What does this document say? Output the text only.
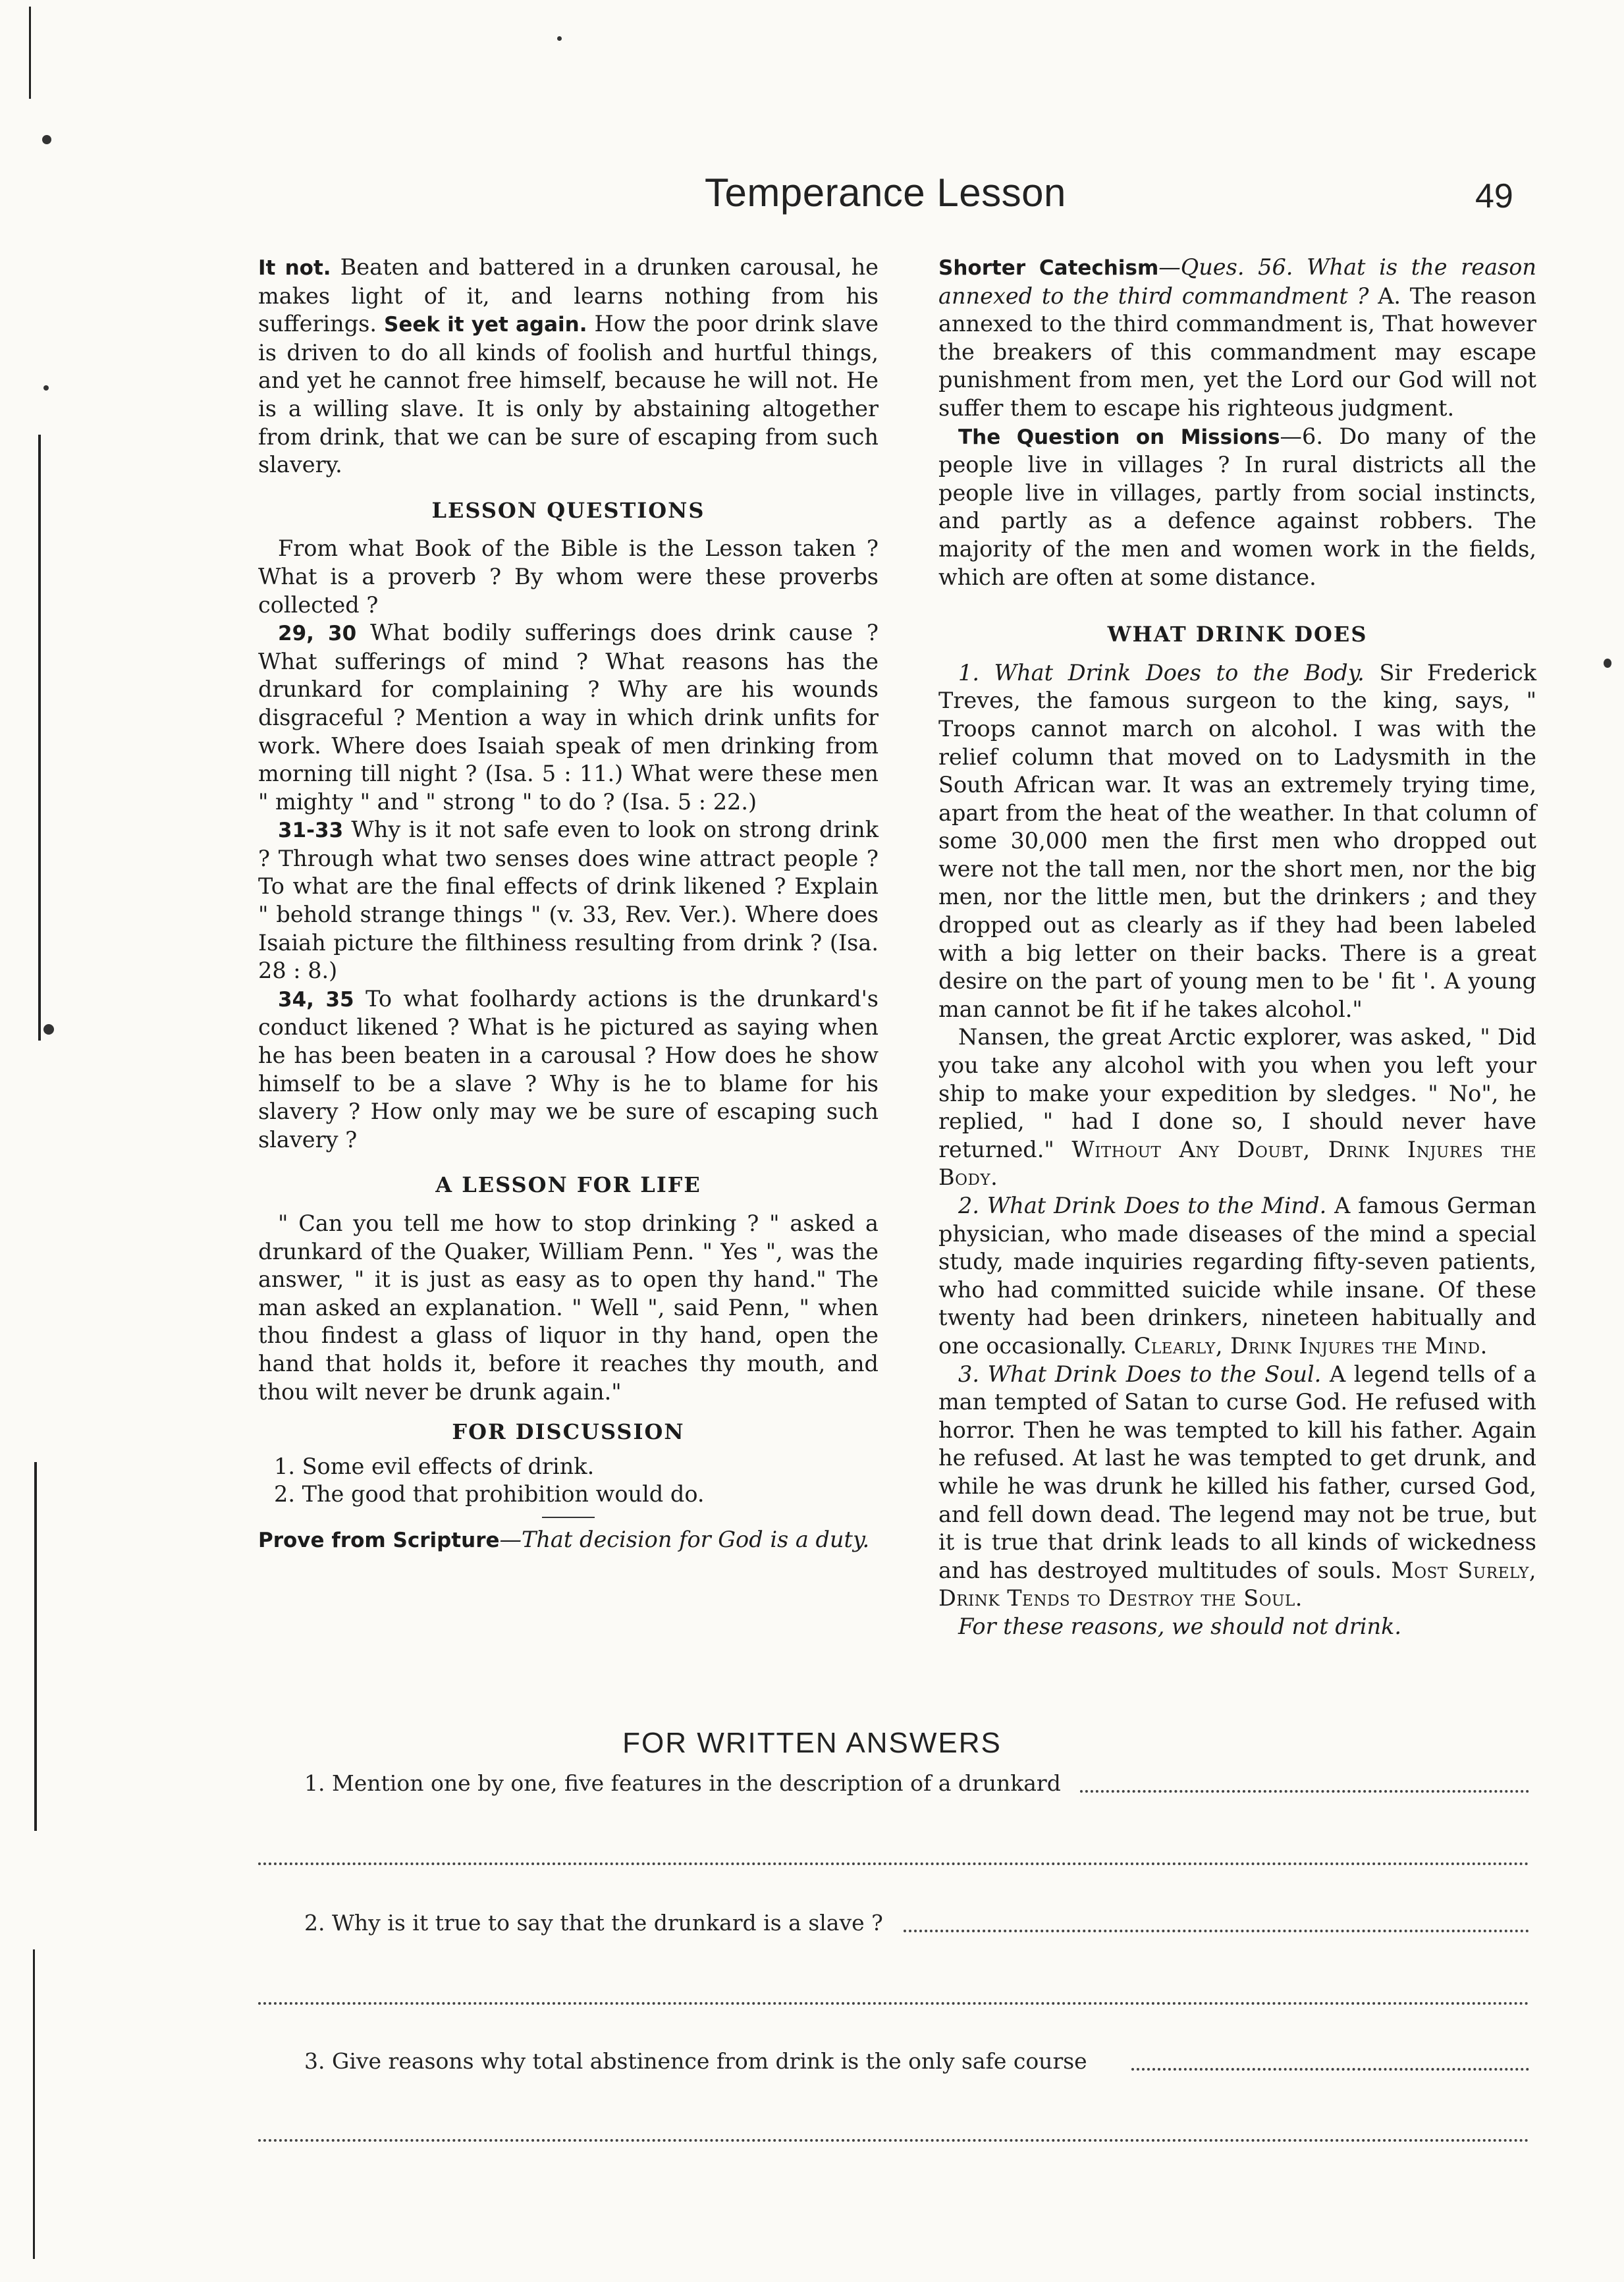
Temperance Lesson	49

It not. Beaten and battered in a drunken carousal, he makes light of it, and learns nothing from his sufferings. Seek it yet again. How the poor drink slave is driven to do all kinds of foolish and hurtful things, and yet he cannot free himself, because he will not. He is a willing slave. It is only by abstaining altogether from drink, that we can be sure of escaping from such slavery.

LESSON QUESTIONS

From what Book of the Bible is the Lesson taken ? What is a proverb ? By whom were these proverbs collected ?

29, 30 What bodily sufferings does drink cause ? What sufferings of mind ? What reasons has the drunkard for complaining ? Why are his wounds disgraceful ? Mention a way in which drink unfits for work. Where does Isaiah speak of men drinking from morning till night ? (Isa. 5 : 11.) What were these men " mighty " and " strong " to do ? (Isa. 5 : 22.)

31-33 Why is it not safe even to look on strong drink ? Through what two senses does wine attract people ? To what are the final effects of drink likened ? Explain " behold strange things " (v. 33, Rev. Ver.). Where does Isaiah picture the filthiness resulting from drink ? (Isa. 28 : 8.)

34, 35 To what foolhardy actions is the drunkard's conduct likened ? What is he pictured as saying when he has been beaten in a carousal ? How does he show himself to be a slave ? Why is he to blame for his slavery ? How only may we be sure of escaping such slavery ?

A LESSON FOR LIFE

" Can you tell me how to stop drinking ? " asked a drunkard of the Quaker, William Penn. " Yes ", was the answer, " it is just as easy as to open thy hand." The man asked an explanation. " Well ", said Penn, " when thou findest a glass of liquor in thy hand, open the hand that holds it, before it reaches thy mouth, and thou wilt never be drunk again."

FOR DISCUSSION

1. Some evil effects of drink.

2. The good that prohibition would do.

Prove from Scripture—That decision for God is a duty.

Shorter Catechism—Ques. 56. What is the reason annexed to the third commandment ? A. The reason annexed to the third commandment is, That however the breakers of this commandment may escape punishment from men, yet the Lord our God will not suffer them to escape his righteous judgment.

The Question on Missions—6. Do many of the people live in villages ? In rural districts all the people live in villages, partly from social instincts, and partly as a defence against robbers. The majority of the men and women work in the fields, which are often at some distance.

WHAT DRINK DOES

1. What Drink Does to the Body. Sir Frederick Treves, the famous surgeon to the king, says, " Troops cannot march on alcohol. I was with the relief column that moved on to Ladysmith in the South African war. It was an extremely trying time, apart from the heat of the weather. In that column of some 30,000 men the first men who dropped out were not the tall men, nor the short men, nor the big men, nor the little men, but the drinkers ; and they dropped out as clearly as if they had been labeled with a big letter on their backs. There is a great desire on the part of young men to be ' fit '. A young man cannot be fit if he takes alcohol."

Nansen, the great Arctic explorer, was asked, " Did you take any alcohol with you when you left your ship to make your expedition by sledges. " No", he replied, " had I done so, I should never have returned." Without Any Doubt, Drink Injures the Body.

2. What Drink Does to the Mind. A famous German physician, who made diseases of the mind a special study, made inquiries regarding fifty-seven patients, who had committed suicide while insane. Of these twenty had been drinkers, nineteen habitually and one occasionally. Clearly, Drink Injures the Mind.

3. What Drink Does to the Soul. A legend tells of a man tempted of Satan to curse God. He refused with horror. Then he was tempted to kill his father. Again he refused. At last he was tempted to get drunk, and while he was drunk he killed his father, cursed God, and fell down dead. The legend may not be true, but it is true that drink leads to all kinds of wickedness and has destroyed multitudes of souls. Most Surely, Drink Tends to Destroy the Soul.

For these reasons, we should not drink.

FOR WRITTEN ANSWERS
1. Mention one by one, five features in the description of a drunkard
2. Why is it true to say that the drunkard is a slave ?
3. Give reasons why total abstinence from drink is the only safe course
